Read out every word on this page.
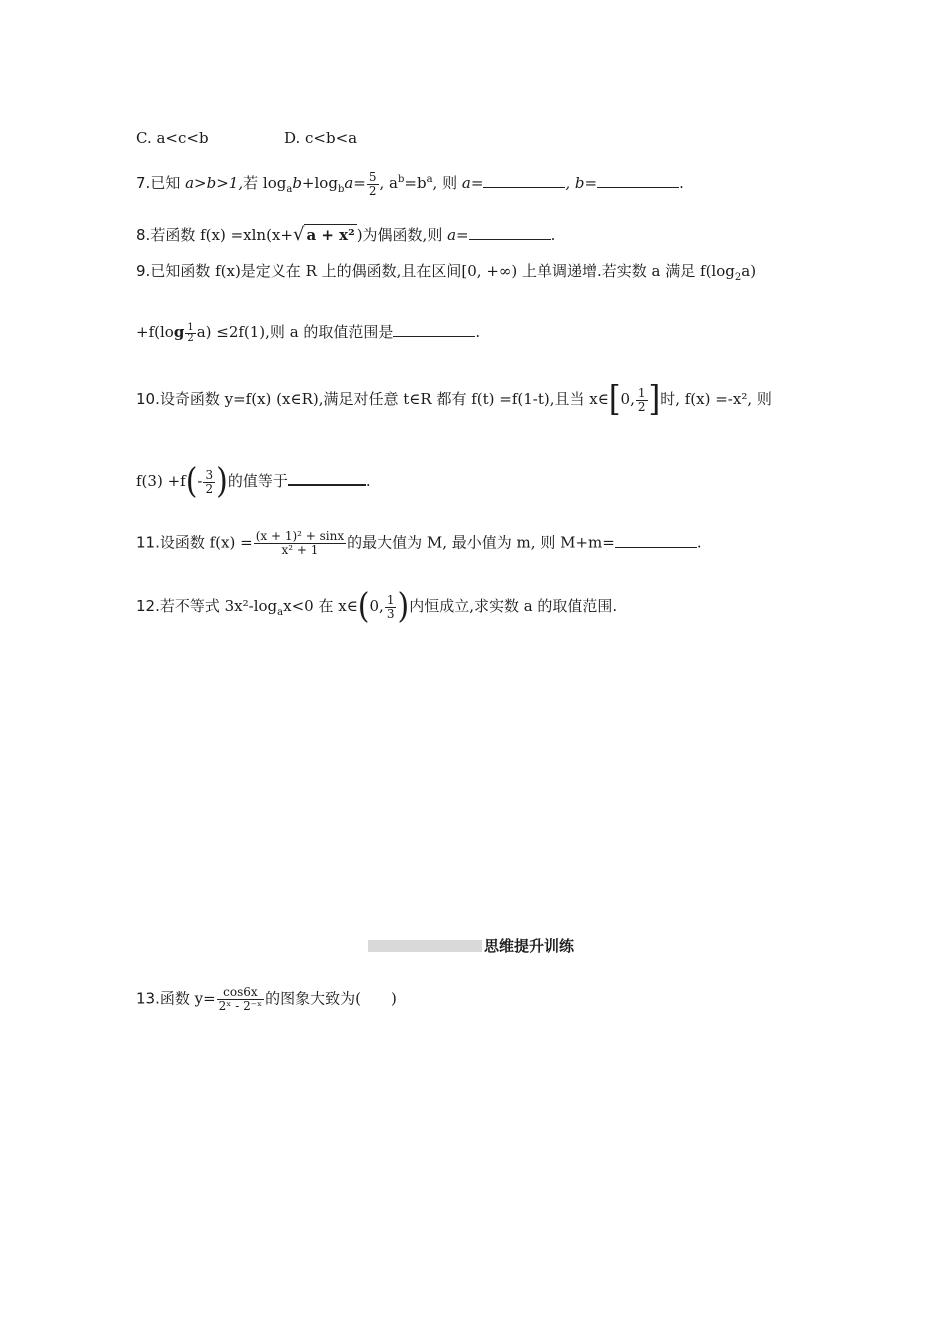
C. a<c<b	D. c<b<a
7.已知 a>b>1,若 $\log_ab+\log_ba= \frac{5}{2}$ , $a^b=b^a$, 则 a=	, b=	.
8.若函数 f(x) =xln(x+√ a + x² )为偶函数,则 a=	.
9.已知函数 f(x)是定义在 R 上的偶函数,且在区间[0, +∞) 上单调递增.若实数 a 满足 $f(\log_2a)$
$+f(\log \frac{1}{2} a) \le 2f(1)$,则 a 的取值范围是	.
10.设奇函数 y=f(x) (x∈R),满足对任意 t∈R 都有 f(t) =f(1-t),且当 x∈[0, $\frac{1}{2}$ ]时, f(x) =-x², 则
$f(3) +f(- \frac{3}{2}$ )的值等于	.
11.设函数 $f(x) = \frac{\text{(x + 1)² + sinx}}{\text{x² + 1}}$ 的最大值为 M, 最小值为 m, 则 M+m=	.
12.若不等式 $3x^2-\log_ax<0$ 在 x∈(0, $\frac{1}{3}$ )内恒成立,求实数 a 的取值范围.
思维提升训练
13.函数 $y= \frac{\cos 6x}{\text{2ˣ - 2⁻ˣ}}$ 的图象大致为(　　)
